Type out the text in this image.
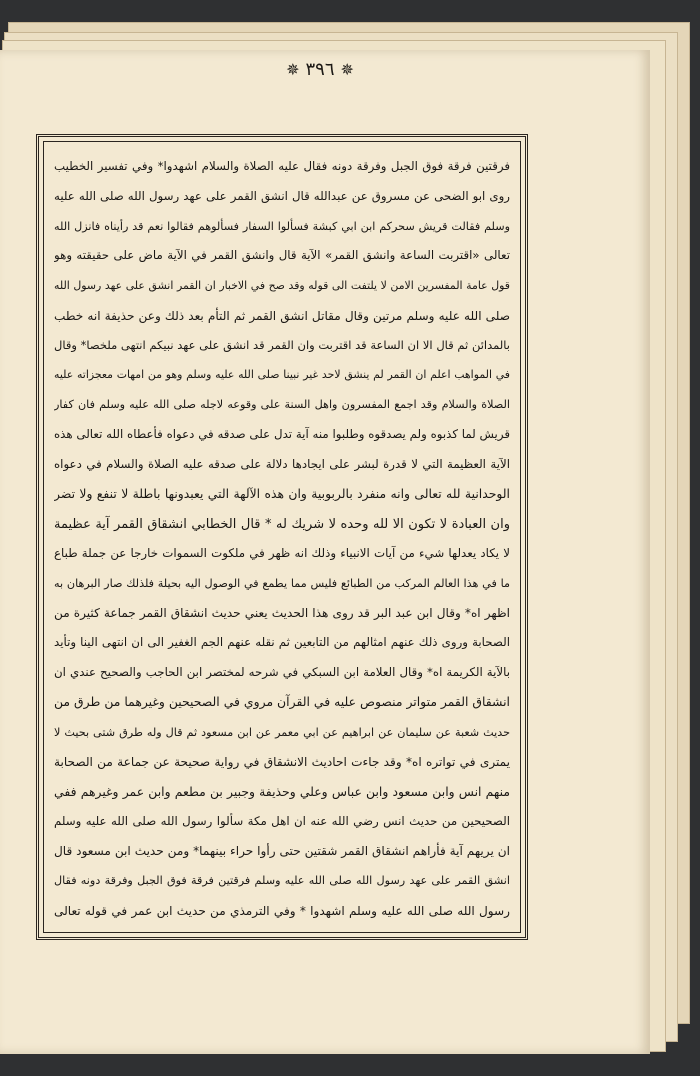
✵ ٣٩٦ ✵
فرقتين فرقة فوق الجبل وفرقة دونه فقال عليه الصلاة والسلام اشهدوا* وفي تفسير الخطيب
روى ابو الضحى عن مسروق عن عبدالله قال انشق القمر على عهد رسول الله صلى الله عليه
وسلم فقالت قريش سحركم ابن ابي كبشة فسألوا السفار فسألوهم فقالوا نعم قد رأيناه فانزل الله
تعالى «اقتربت الساعة وانشق القمر» الآية قال وانشق القمر في الآية ماض على حقيقته وهو
قول عامة المفسرين الامن لا يلتفت الى قوله وقد صح في الاخبار ان القمر انشق على عهد رسول الله
صلى الله عليه وسلم مرتين وقال مقاتل انشق القمر ثم التأم بعد ذلك وعن حذيفة انه خطب
بالمدائن ثم قال الا ان الساعة قد اقتربت وان القمر قد انشق على عهد نبيكم انتهى ملخصا* وقال
في المواهب اعلم ان القمر لم ينشق لاحد غير نبينا صلى الله عليه وسلم وهو من امهات معجزاته عليه
الصلاة والسلام وقد اجمع المفسرون واهل السنة على وقوعه لاجله صلى الله عليه وسلم فان كفار
قريش لما كذبوه ولم يصدقوه وطلبوا منه آية تدل على صدقه في دعواه فأعطاه الله تعالى هذه
الآية العظيمة التي لا قدرة لبشر على ايجادها دلالة على صدقه عليه الصلاة والسلام في دعواه
الوحدانية لله تعالى وانه منفرد بالربوبية وان هذه الآلهة التي يعبدونها باطلة لا تنفع ولا تضر
وان العبادة لا تكون الا لله وحده لا شريك له * قال الخطابي انشقاق القمر آية عظيمة
لا يكاد يعدلها شيء من آيات الانبياء وذلك انه ظهر في ملكوت السموات خارجا عن جملة طباع
ما في هذا العالم المركب من الطبائع فليس مما يطمع في الوصول اليه بحيلة فلذلك صار البرهان به
اظهر اه* وقال ابن عبد البر قد روى هذا الحديث يعني حديث انشقاق القمر جماعة كثيرة من
الصحابة وروى ذلك عنهم امثالهم من التابعين ثم نقله عنهم الجم الغفير الى ان انتهى الينا وتأيد
بالآية الكريمة اه* وقال العلامة ابن السبكي في شرحه لمختصر ابن الحاجب والصحيح عندي ان
انشقاق القمر متواتر منصوص عليه في القرآن مروي في الصحيحين وغيرهما من طرق من
حديث شعبة عن سليمان عن ابراهيم عن ابي معمر عن ابن مسعود ثم قال وله طرق شتى بحيث لا
يمترى في تواتره اه* وقد جاءت احاديث الانشقاق في رواية صحيحة عن جماعة من الصحابة
منهم انس وابن مسعود وابن عباس وعلي وحذيفة وجبير بن مطعم وابن عمر وغيرهم ففي
الصحيحين من حديث انس رضي الله عنه ان اهل مكة سألوا رسول الله صلى الله عليه وسلم
ان يريهم آية فأراهم انشقاق القمر شقتين حتى رأوا حراء بينهما* ومن حديث ابن مسعود قال
انشق القمر على عهد رسول الله صلى الله عليه وسلم فرقتين فرقة فوق الجبل وفرقة دونه فقال
رسول الله صلى الله عليه وسلم اشهدوا * وفي الترمذي من حديث ابن عمر في قوله تعالى
